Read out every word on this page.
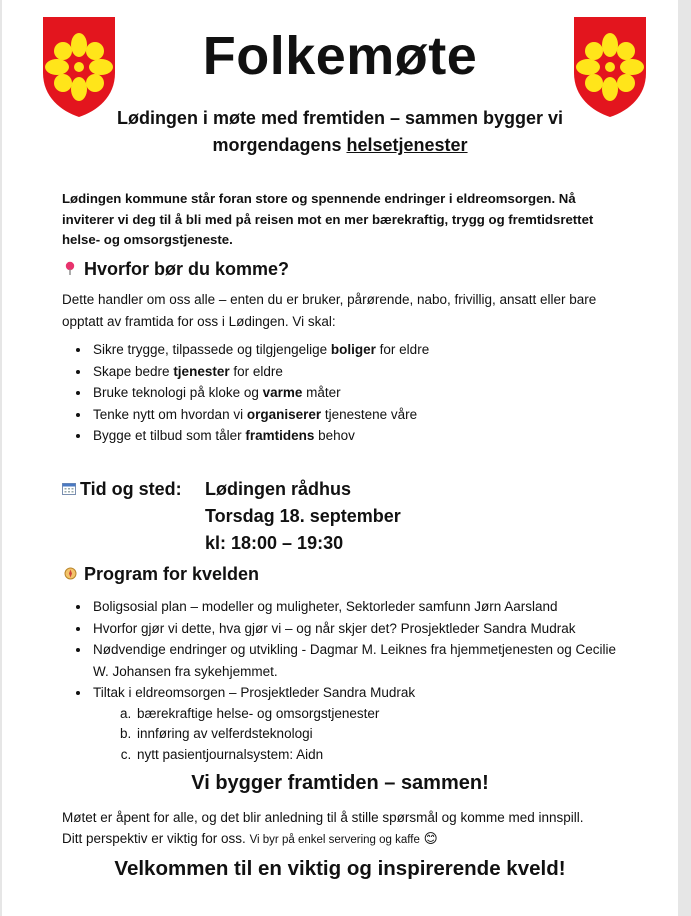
Folkemøte
Lødingen i møte med fremtiden – sammen bygger vi
morgendagens helsetjenester
Lødingen kommune står foran store og spennende endringer i eldreomsorgen. Nå inviterer vi deg til å bli med på reisen mot en mer bærekraftig, trygg og fremtidsrettet helse- og omsorgstjeneste.
Hvorfor bør du komme?
Dette handler om oss alle – enten du er bruker, pårørende, nabo, frivillig, ansatt eller bare opptatt av framtida for oss i Lødingen. Vi skal:
• Sikre trygge, tilpassede og tilgjengelige boliger for eldre
• Skape bedre tjenester for eldre
• Bruke teknologi på kloke og varme måter
• Tenke nytt om hvordan vi organiserer tjenestene våre
• Bygge et tilbud som tåler framtidens behov
Tid og sted: Lødingen rådhus
Torsdag 18. september
kl: 18:00 – 19:30
Program for kvelden
• Boligsosial plan – modeller og muligheter, Sektorleder samfunn Jørn Aarsland
• Hvorfor gjør vi dette, hva gjør vi – og når skjer det? Prosjektleder Sandra Mudrak
• Nødvendige endringer og utvikling - Dagmar M. Leiknes fra hjemmetjenesten og Cecilie W. Johansen fra sykehjemmet.
• Tiltak i eldreomsorgen – Prosjektleder Sandra Mudrak
a. bærekraftige helse- og omsorgstjenester
b. innføring av velferdsteknologi
c. nytt pasientjournalsystem: Aidn
Vi bygger framtiden – sammen!
Møtet er åpent for alle, og det blir anledning til å stille spørsmål og komme med innspill.
Ditt perspektiv er viktig for oss. Vi byr på enkel servering og kaffe 😊
Velkommen til en viktig og inspirerende kveld!
